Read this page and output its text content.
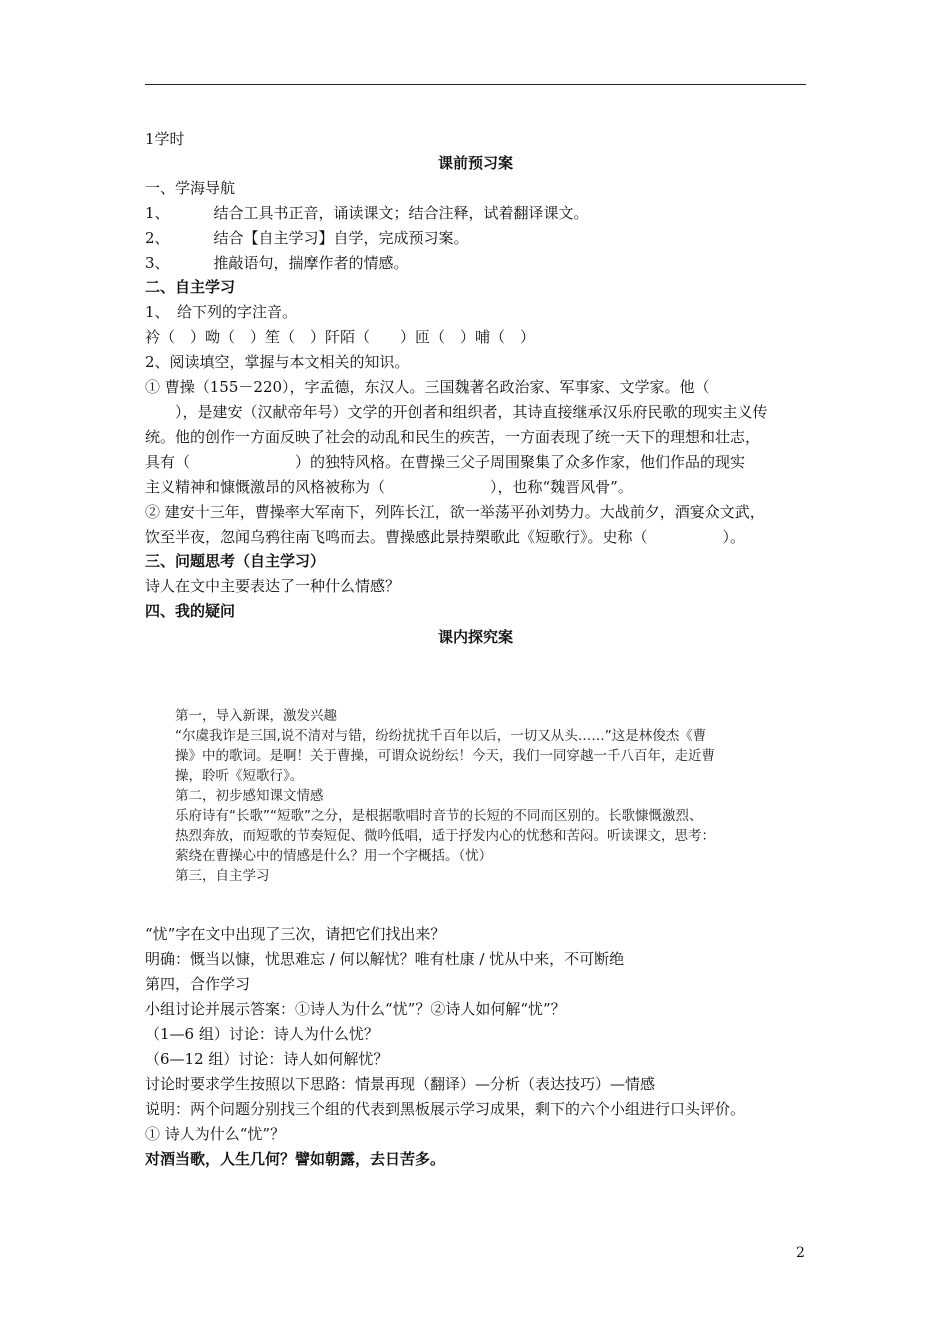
1学时
课前预习案
一、学海导航
1、	结合工具书正音，诵读课文；结合注释，试着翻译课文。
2、	结合【自主学习】自学，完成预习案。
3、	推敲语句，揣摩作者的情感。
二、自主学习
1、　给下列的字注音。
衿（　）呦（　）笙（　）阡陌（　　）匝（　）哺（　）
2、阅读填空，掌握与本文相关的知识。
① 曹操（155－220），字孟德，东汉人。三国魏著名政治家、军事家、文学家。他（
　　），是建安（汉献帝年号）文学的开创者和组织者，其诗直接继承汉乐府民歌的现实主义传
统。他的创作一方面反映了社会的动乱和民生的疾苦，一方面表现了统一天下的理想和壮志，
具有（　　　　　　　）的独特风格。在曹操三父子周围聚集了众多作家，他们作品的现实
主义精神和慷慨激昂的风格被称为（　　　　　　　），也称“魏晋风骨”。
② 建安十三年，曹操率大军南下，列阵长江，欲一举荡平孙刘势力。大战前夕，酒宴众文武，
饮至半夜，忽闻乌鸦往南飞鸣而去。曹操感此景持槊歌此《短歌行》。史称（　　　　　）。
三、问题思考（自主学习）
诗人在文中主要表达了一种什么情感？
四、我的疑问
课内探究案
第一，导入新课，激发兴趣
“尔虞我诈是三国,说不清对与错，纷纷扰扰千百年以后，一切又从头……”这是林俊杰《曹
操》中的歌词。是啊！关于曹操，可谓众说纷纭！今天，我们一同穿越一千八百年，走近曹
操，聆听《短歌行》。
第二，初步感知课文情感
乐府诗有“长歌”“短歌”之分，是根据歌唱时音节的长短的不同而区别的。长歌慷慨激烈、
热烈奔放，而短歌的节奏短促、微吟低唱，适于抒发内心的忧愁和苦闷。听读课文，思考：
萦绕在曹操心中的情感是什么？用一个字概括。（忧）
第三，自主学习
“忧”字在文中出现了三次，请把它们找出来？
明确：慨当以慷，忧思难忘 / 何以解忧？唯有杜康 / 忧从中来，不可断绝
第四，合作学习
小组讨论并展示答案：①诗人为什么“忧”？②诗人如何解“忧”？
（1—6 组）讨论：诗人为什么忧？
（6—12 组）讨论：诗人如何解忧？
讨论时要求学生按照以下思路：情景再现（翻译）—分析（表达技巧）—情感
说明：两个问题分别找三个组的代表到黑板展示学习成果，剩下的六个小组进行口头评价。
① 诗人为什么“忧”？
对酒当歌，人生几何？譬如朝露，去日苦多。
2
